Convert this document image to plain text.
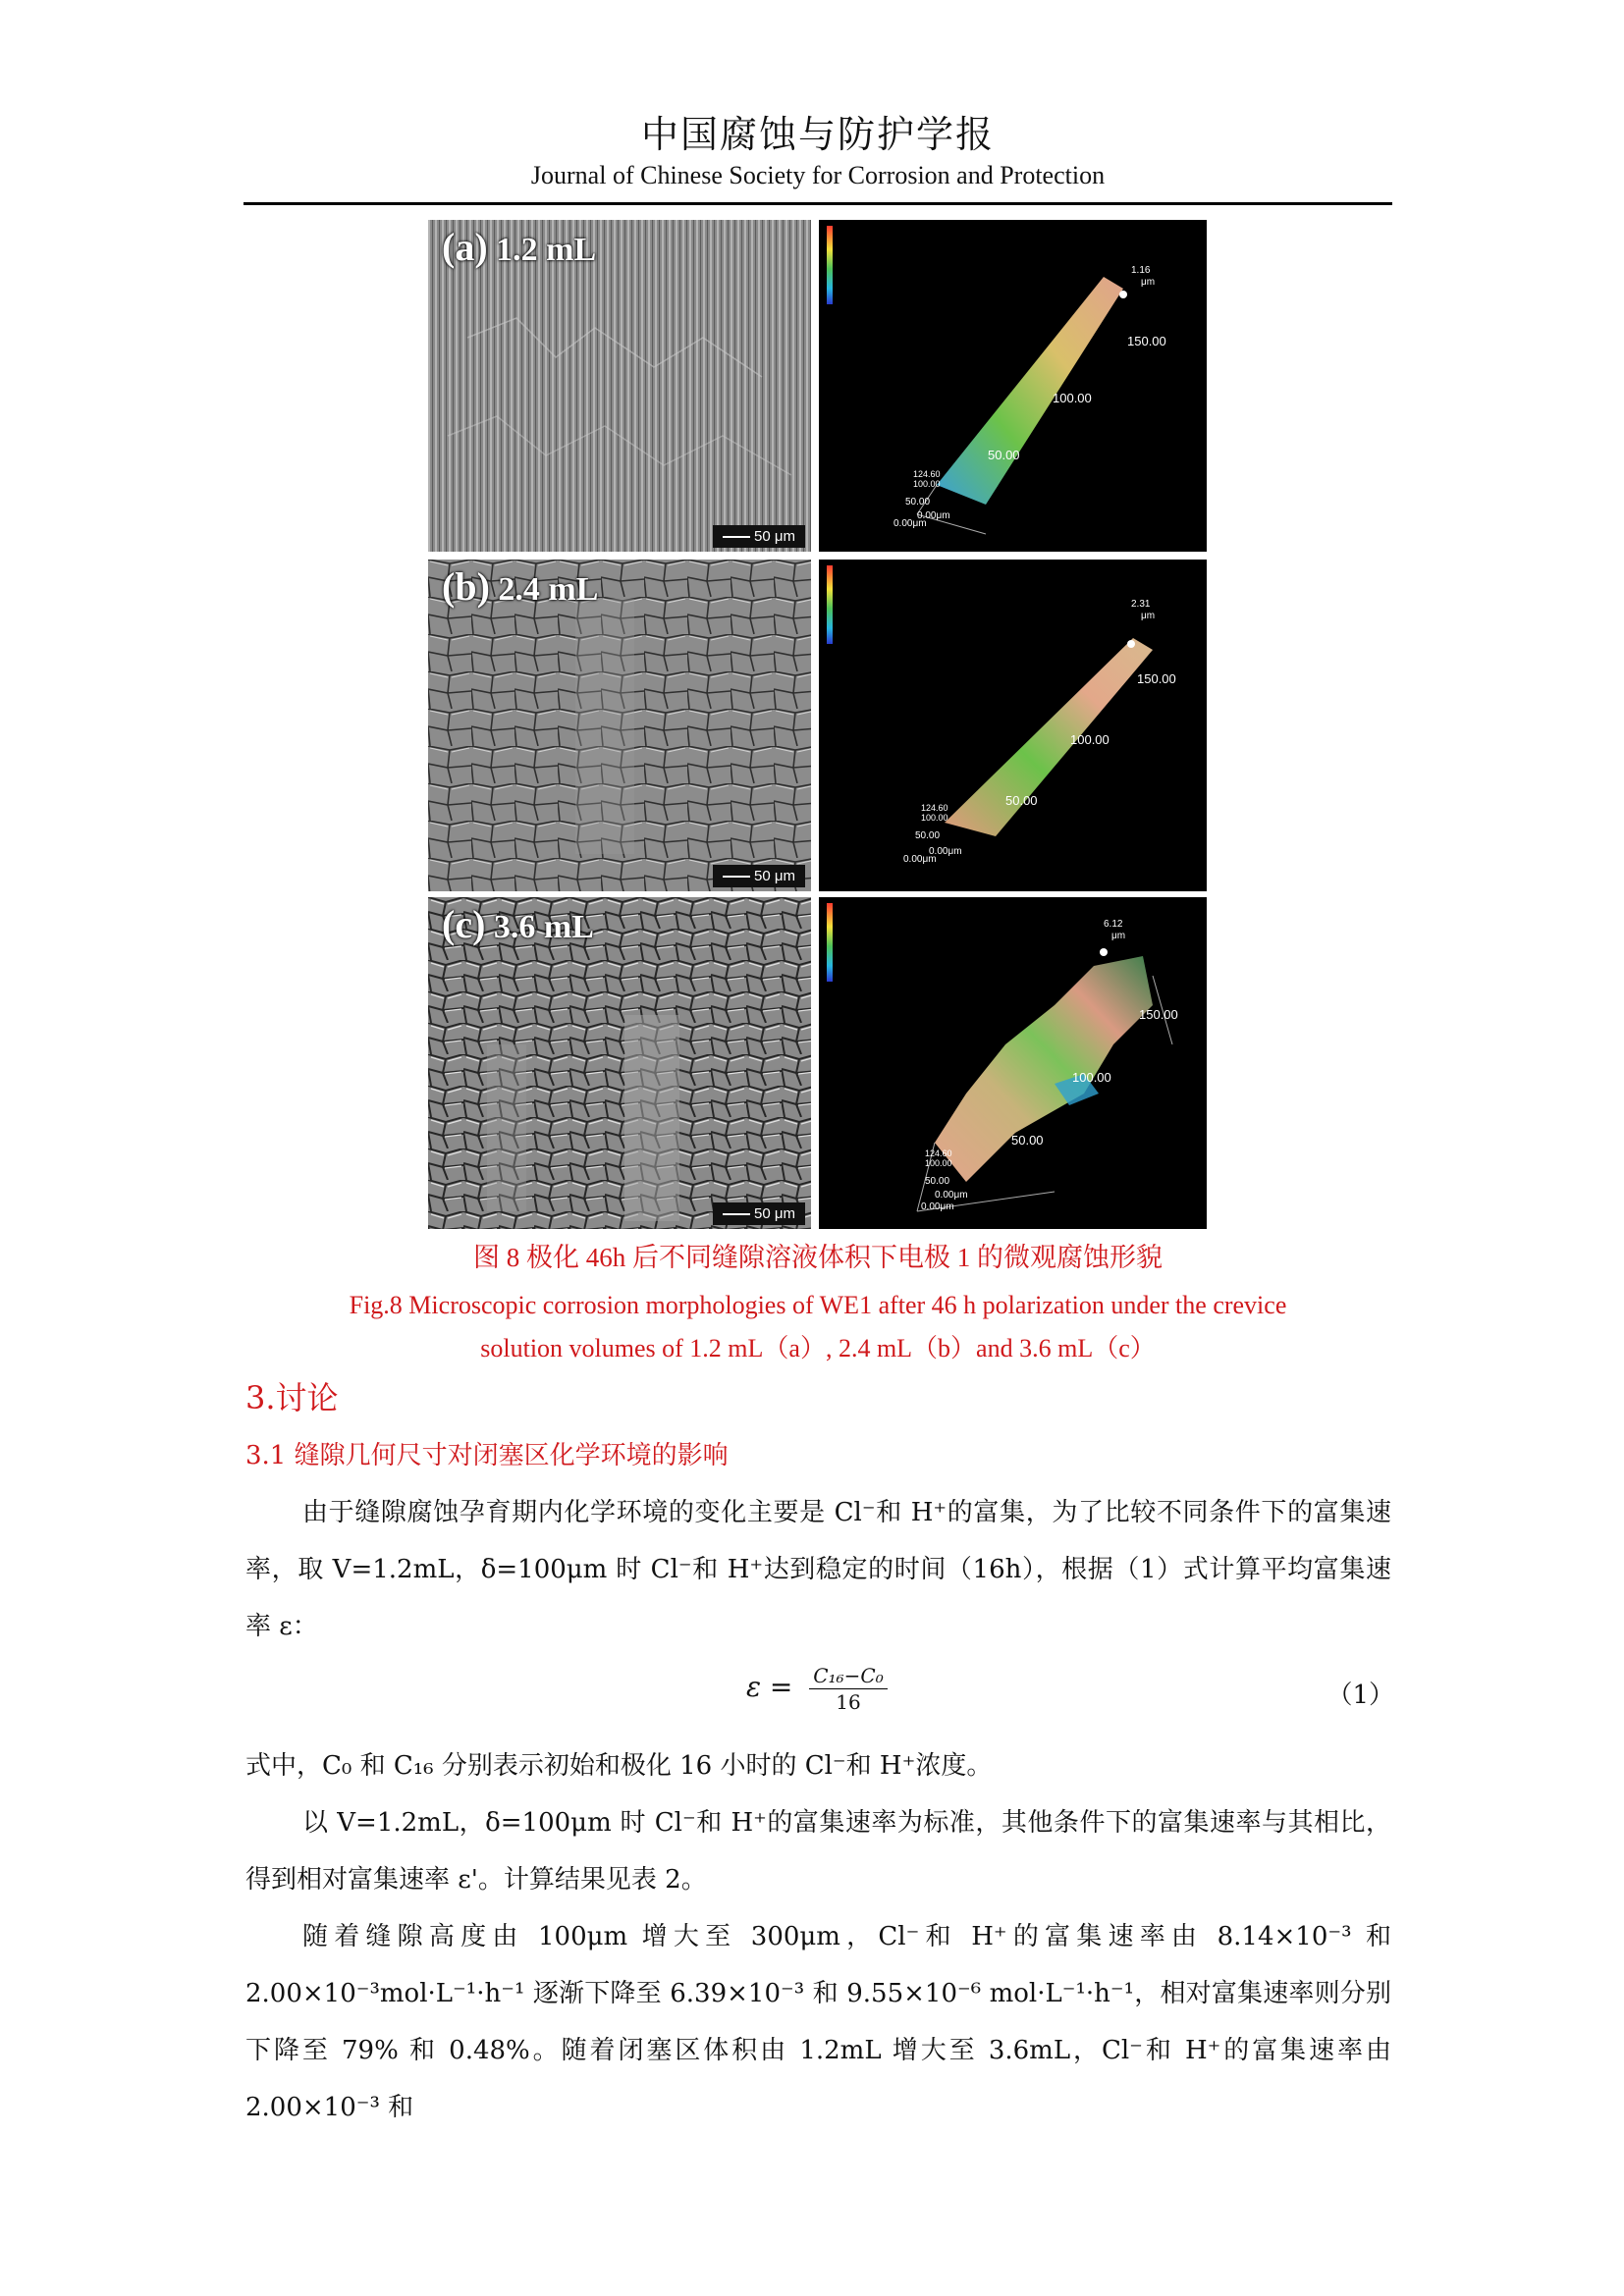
中国腐蚀与防护学报
Journal of Chinese Society for Corrosion and Protection
(a) 1.2 mL
50 μm
1.16
μm
150.00
100.00
50.00
124.60
100.00
50.00
0.00μm
0.00μm
(b) 2.4 mL
50 μm
2.31
μm
150.00
100.00
50.00
124.60
100.00
50.00
0.00μm
0.00μm
(c) 3.6 mL
50 μm
6.12
μm
150.00
100.00
50.00
124.60
100.00
50.00
0.00μm
0.00μm
图 8 极化 46h 后不同缝隙溶液体积下电极 1 的微观腐蚀形貌
Fig.8 Microscopic corrosion morphologies of WE1 after 46 h polarization under the crevice
solution volumes of 1.2 mL（a）, 2.4 mL（b）and 3.6 mL（c）
3.讨论
3.1 缝隙几何尺寸对闭塞区化学环境的影响

由于缝隙腐蚀孕育期内化学环境的变化主要是 Cl⁻和 H⁺的富集，为了比较不同条件下的富集速率，取 V=1.2mL，δ=100μm 时 Cl⁻和 H⁺达到稳定的时间（16h），根据（1）式计算平均富集速率 ε：

$\varepsilon = \frac{\text{C₁₆−C₀}}{16}$	（1）

式中，C₀ 和 C₁₆ 分别表示初始和极化 16 小时的 Cl⁻和 H⁺浓度。

以 V=1.2mL，δ=100μm 时 Cl⁻和 H⁺的富集速率为标准，其他条件下的富集速率与其相比，得到相对富集速率 ε'。计算结果见表 2。

随着缝隙高度由 100μm 增大至 300μm，Cl⁻和 H⁺的富集速率由 8.14×10⁻³ 和 2.00×10⁻³mol·L⁻¹·h⁻¹ 逐渐下降至 6.39×10⁻³ 和 9.55×10⁻⁶ mol·L⁻¹·h⁻¹，相对富集速率则分别下降至 79% 和 0.48%。随着闭塞区体积由 1.2mL 增大至 3.6mL，Cl⁻和 H⁺的富集速率由 2.00×10⁻³ 和
